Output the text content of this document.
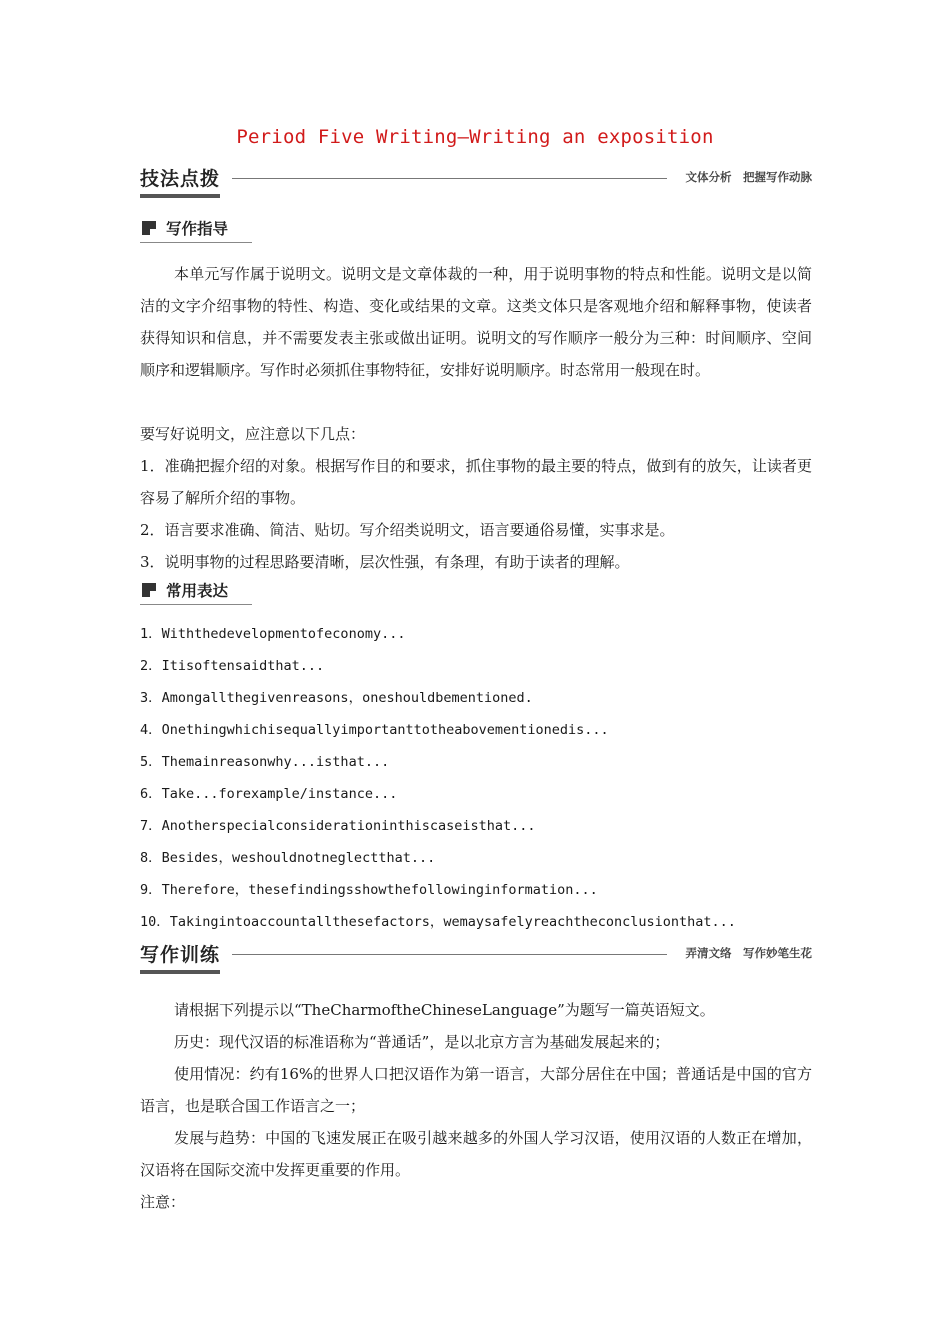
Period Five Writing—Writing an exposition
技法点拨	文体分析　把握写作动脉
写作指导

本单元写作属于说明文。说明文是文章体裁的一种，用于说明事物的特点和性能。说明文是以简洁的文字介绍事物的特性、构造、变化或结果的文章。这类文体只是客观地介绍和解释事物，使读者获得知识和信息，并不需要发表主张或做出证明。说明文的写作顺序一般分为三种：时间顺序、空间顺序和逻辑顺序。写作时必须抓住事物特征，安排好说明顺序。时态常用一般现在时。

要写好说明文，应注意以下几点：

1．准确把握介绍的对象。根据写作目的和要求，抓住事物的最主要的特点，做到有的放矢，让读者更容易了解所介绍的事物。

2．语言要求准确、简洁、贴切。写介绍类说明文，语言要通俗易懂，实事求是。

3．说明事物的过程思路要清晰，层次性强，有条理，有助于读者的理解。

常用表达

1．Withthedevelopmentofeconomy...

2．Itisoftensaidthat...

3．Amongallthegivenreasons，oneshouldbementioned.

4．Onethingwhichisequallyimportanttotheabovementionedis...

5．Themainreasonwhy...isthat...

6．Take...forexample/instance...

7．Anotherspecialconsiderationinthiscaseisthat...

8．Besides，weshouldnotneglectthat...

9．Therefore，thesefindingsshowthefollowinginformation...

10．Takingintoaccountallthesefactors，wemaysafelyreachtheconclusionthat...

写作训练	弄清文络　写作妙笔生花

请根据下列提示以“TheCharmoftheChineseLanguage”为题写一篇英语短文。

历史：现代汉语的标准语称为“普通话”，是以北京方言为基础发展起来的；

使用情况：约有16%的世界人口把汉语作为第一语言，大部分居住在中国；普通话是中国的官方语言，也是联合国工作语言之一；

发展与趋势：中国的飞速发展正在吸引越来越多的外国人学习汉语，使用汉语的人数正在增加，汉语将在国际交流中发挥更重要的作用。

注意：
